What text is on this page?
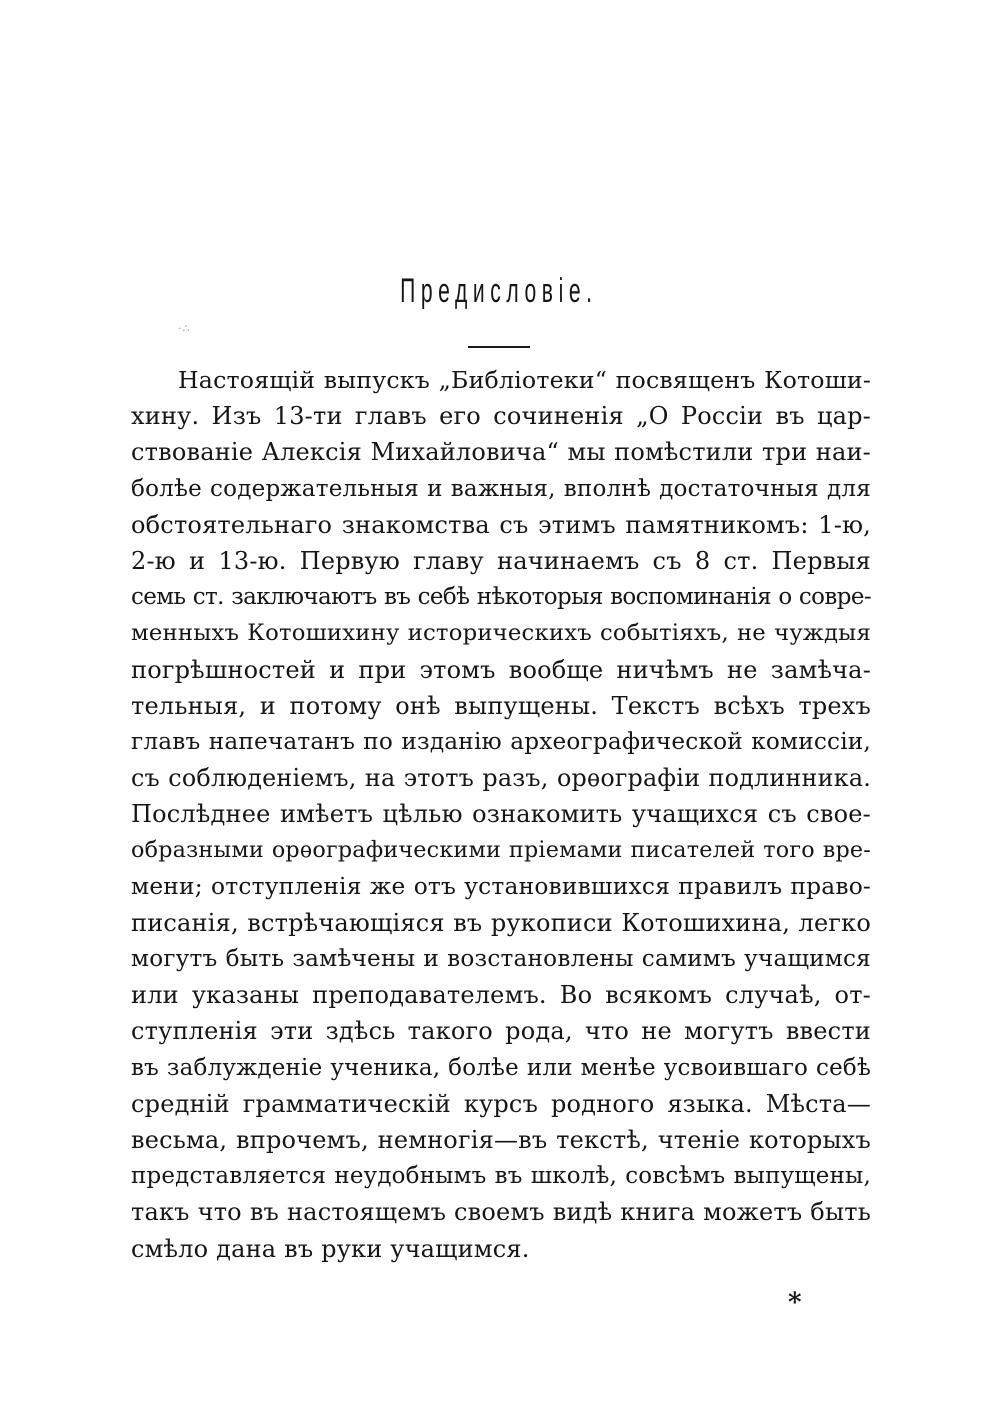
Предисловіе.
·∴
Настоящій выпускъ „Библіотеки“ посвященъ Котоши-
хину. Изъ 13-ти главъ его сочиненія „О Россіи въ цар-
ствованіе Алексія Михайловича“ мы помѣстили три наи-
болѣе содержательныя и важныя, вполнѣ достаточныя для
обстоятельнаго знакомства съ этимъ памятникомъ: 1-ю,
2-ю и 13-ю. Первую главу начинаемъ съ 8 ст. Первыя
семь ст. заключаютъ въ себѣ нѣкоторыя воспоминанія о совре-
менныхъ Котошихину историческихъ событіяхъ, не чуждыя
погрѣшностей и при этомъ вообще ничѣмъ не замѣча-
тельныя, и потому онѣ выпущены. Текстъ всѣхъ трехъ
главъ напечатанъ по изданію археографической комиссіи,
съ соблюденіемъ, на этотъ разъ, орѳографіи подлинника.
Послѣднее имѣетъ цѣлью ознакомить учащихся съ свое-
образными орѳографическими пріемами писателей того вре-
мени; отступленія же отъ установившихся правилъ право-
писанія, встрѣчающіяся въ рукописи Котошихина, легко
могутъ быть замѣчены и возстановлены самимъ учащимся
или указаны преподавателемъ. Во всякомъ случаѣ, от-
ступленія эти здѣсь такого рода, что не могутъ ввести
въ заблужденіе ученика, болѣе или менѣе усвоившаго себѣ
средній грамматическій курсъ родного языка. Мѣста—
весьма, впрочемъ, немногія—въ текстѣ, чтеніе которыхъ
представляется неудобнымъ въ школѣ, совсѣмъ выпущены,
такъ что въ настоящемъ своемъ видѣ книга можетъ быть
смѣло дана въ руки учащимся.
*
